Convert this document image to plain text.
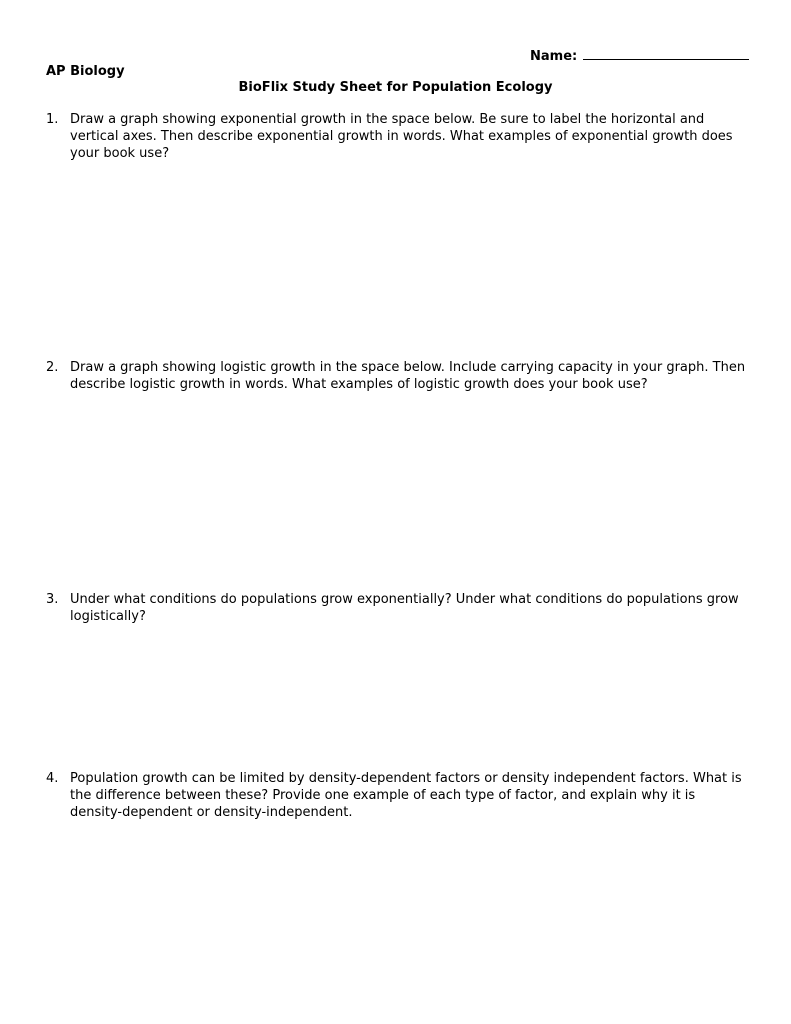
Name:
AP Biology
BioFlix Study Sheet for Population Ecology
1. Draw a graph showing exponential growth in the space below. Be sure to label the horizontal and vertical axes. Then describe exponential growth in words. What examples of exponential growth does your book use?
2. Draw a graph showing logistic growth in the space below. Include carrying capacity in your graph. Then describe logistic growth in words. What examples of logistic growth does your book use?
3. Under what conditions do populations grow exponentially? Under what conditions do populations grow logistically?
4. Population growth can be limited by density-dependent factors or density independent factors. What is the difference between these? Provide one example of each type of factor, and explain why it is density-dependent or density-independent.
